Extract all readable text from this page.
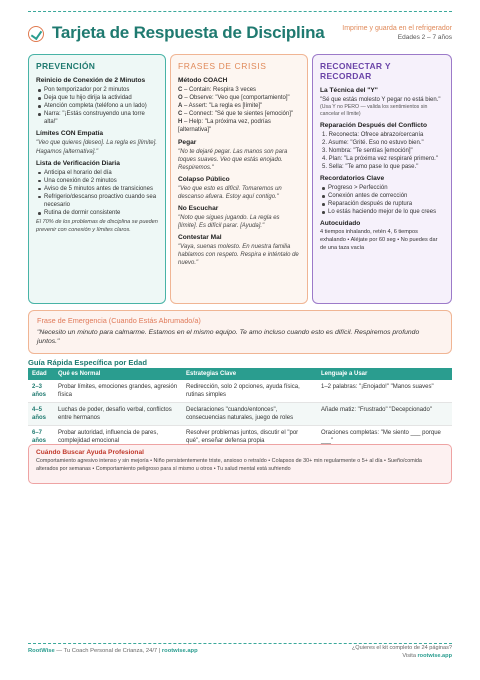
Tarjeta de Respuesta de Disciplina	Imprime y guarda en el refrigerador
Edades 2 – 7 años
PREVENCIÓN
Reinicio de Conexión de 2 Minutos
Pon temporizador por 2 minutos
Deja que tu hijo dirija la actividad
Atención completa (teléfono a un lado)
Narra: "¡Estás construyendo una torre alta!"
Límites CON Empatía
"Veo que quieres [deseo]. La regla es [límite]. Hagamos [alternativa]."
Lista de Verificación Diaria
Anticipa el horario del día
Una conexión de 2 minutos
Aviso de 5 minutos antes de transiciones
Refrigerio/descanso proactivo cuando sea necesario
Rutina de dormir consistente
El 70% de los problemas de disciplina se pueden prevenir con conexión y límites claros.
FRASES DE CRISIS
Método COACH
C – Contain: Respira 3 veces
O – Observe: "Veo que [comportamiento]"
A – Assert: "La regla es [límite]"
C – Connect: "Sé que te sientes [emoción]"
H – Help: "La próxima vez, podrías [alternativa]"
Pegar
"No te dejaré pegar. Las manos son para toques suaves. Veo que estás enojado. Respiremos."
Colapso Público
"Veo que esto es difícil. Tomaremos un descanso afuera. Estoy aquí contigo."
No Escuchar
"Noto que sigues jugando. La regla es [límite]. Es difícil parar. [Ayuda]."
Contestar Mal
"Vaya, suenas molesto. En nuestra familia hablamos con respeto. Respira e inténtalo de nuevo."
RECONECTAR Y RECORDAR
La Técnica del "Y"
"Sé que estás molesto Y pegar no está bien."
(Usa Y no PERO — valida los sentimientos sin cancelar el límite)
Reparación Después del Conflicto
1. Reconecta: Ofrece abrazo/cercanía
2. Asume: "Grité. Eso no estuvo bien."
3. Nombra: "Te sentías [emoción]"
4. Plan: "La próxima vez respiraré primero."
5. Sella: "Te amo pase lo que pase."
Recordatorios Clave
Progreso > Perfección
Conexión antes de corrección
Reparación después de ruptura
Lo estás haciendo mejor de lo que crees
Autocuidado
4 tiempos inhalando, retén 4, 6 tiempos exhalando • Aléjate por 60 seg • No puedes dar de una taza vacía
Frase de Emergencia (Cuando Estás Abrumado/a)
"Necesito un minuto para calmarme. Estamos en el mismo equipo. Te amo incluso cuando esto es difícil. Respiremos profundo juntos."
Guía Rápida Específica por Edad
Edad	Qué es Normal	Estrategias Clave	Lenguaje a Usar
2–3 años	Probar límites, emociones grandes, agresión física	Redirección, solo 2 opciones, ayuda física, rutinas simples	1–2 palabras: "¡Enojado!" "Manos suaves"
4–5 años	Luchas de poder, desafío verbal, conflictos entre hermanos	Declaraciones "cuando/entonces", consecuencias naturales, juego de roles	Añade matiz: "Frustrado" "Decepcionado"
6–7 años	Probar autoridad, influencia de pares, complejidad emocional	Resolver problemas juntos, discutir el "por qué", enseñar defensa propia	Oraciones completas: "Me siento ___ porque ___"
Cuándo Buscar Ayuda Profesional
Comportamiento agresivo intenso y sin mejoría • Niño persistentemente triste, ansioso o retraído • Colapsos de 30+ min regularmente o 5+ al día • Sueño/comida alterados por semanas • Comportamiento peligroso para sí mismo u otros • Tu salud mental está sufriendo
RootWise — Tu Coach Personal de Crianza, 24/7 | rootwise.app	¿Quieres el kit completo de 24 páginas?
Visita rootwise.app
